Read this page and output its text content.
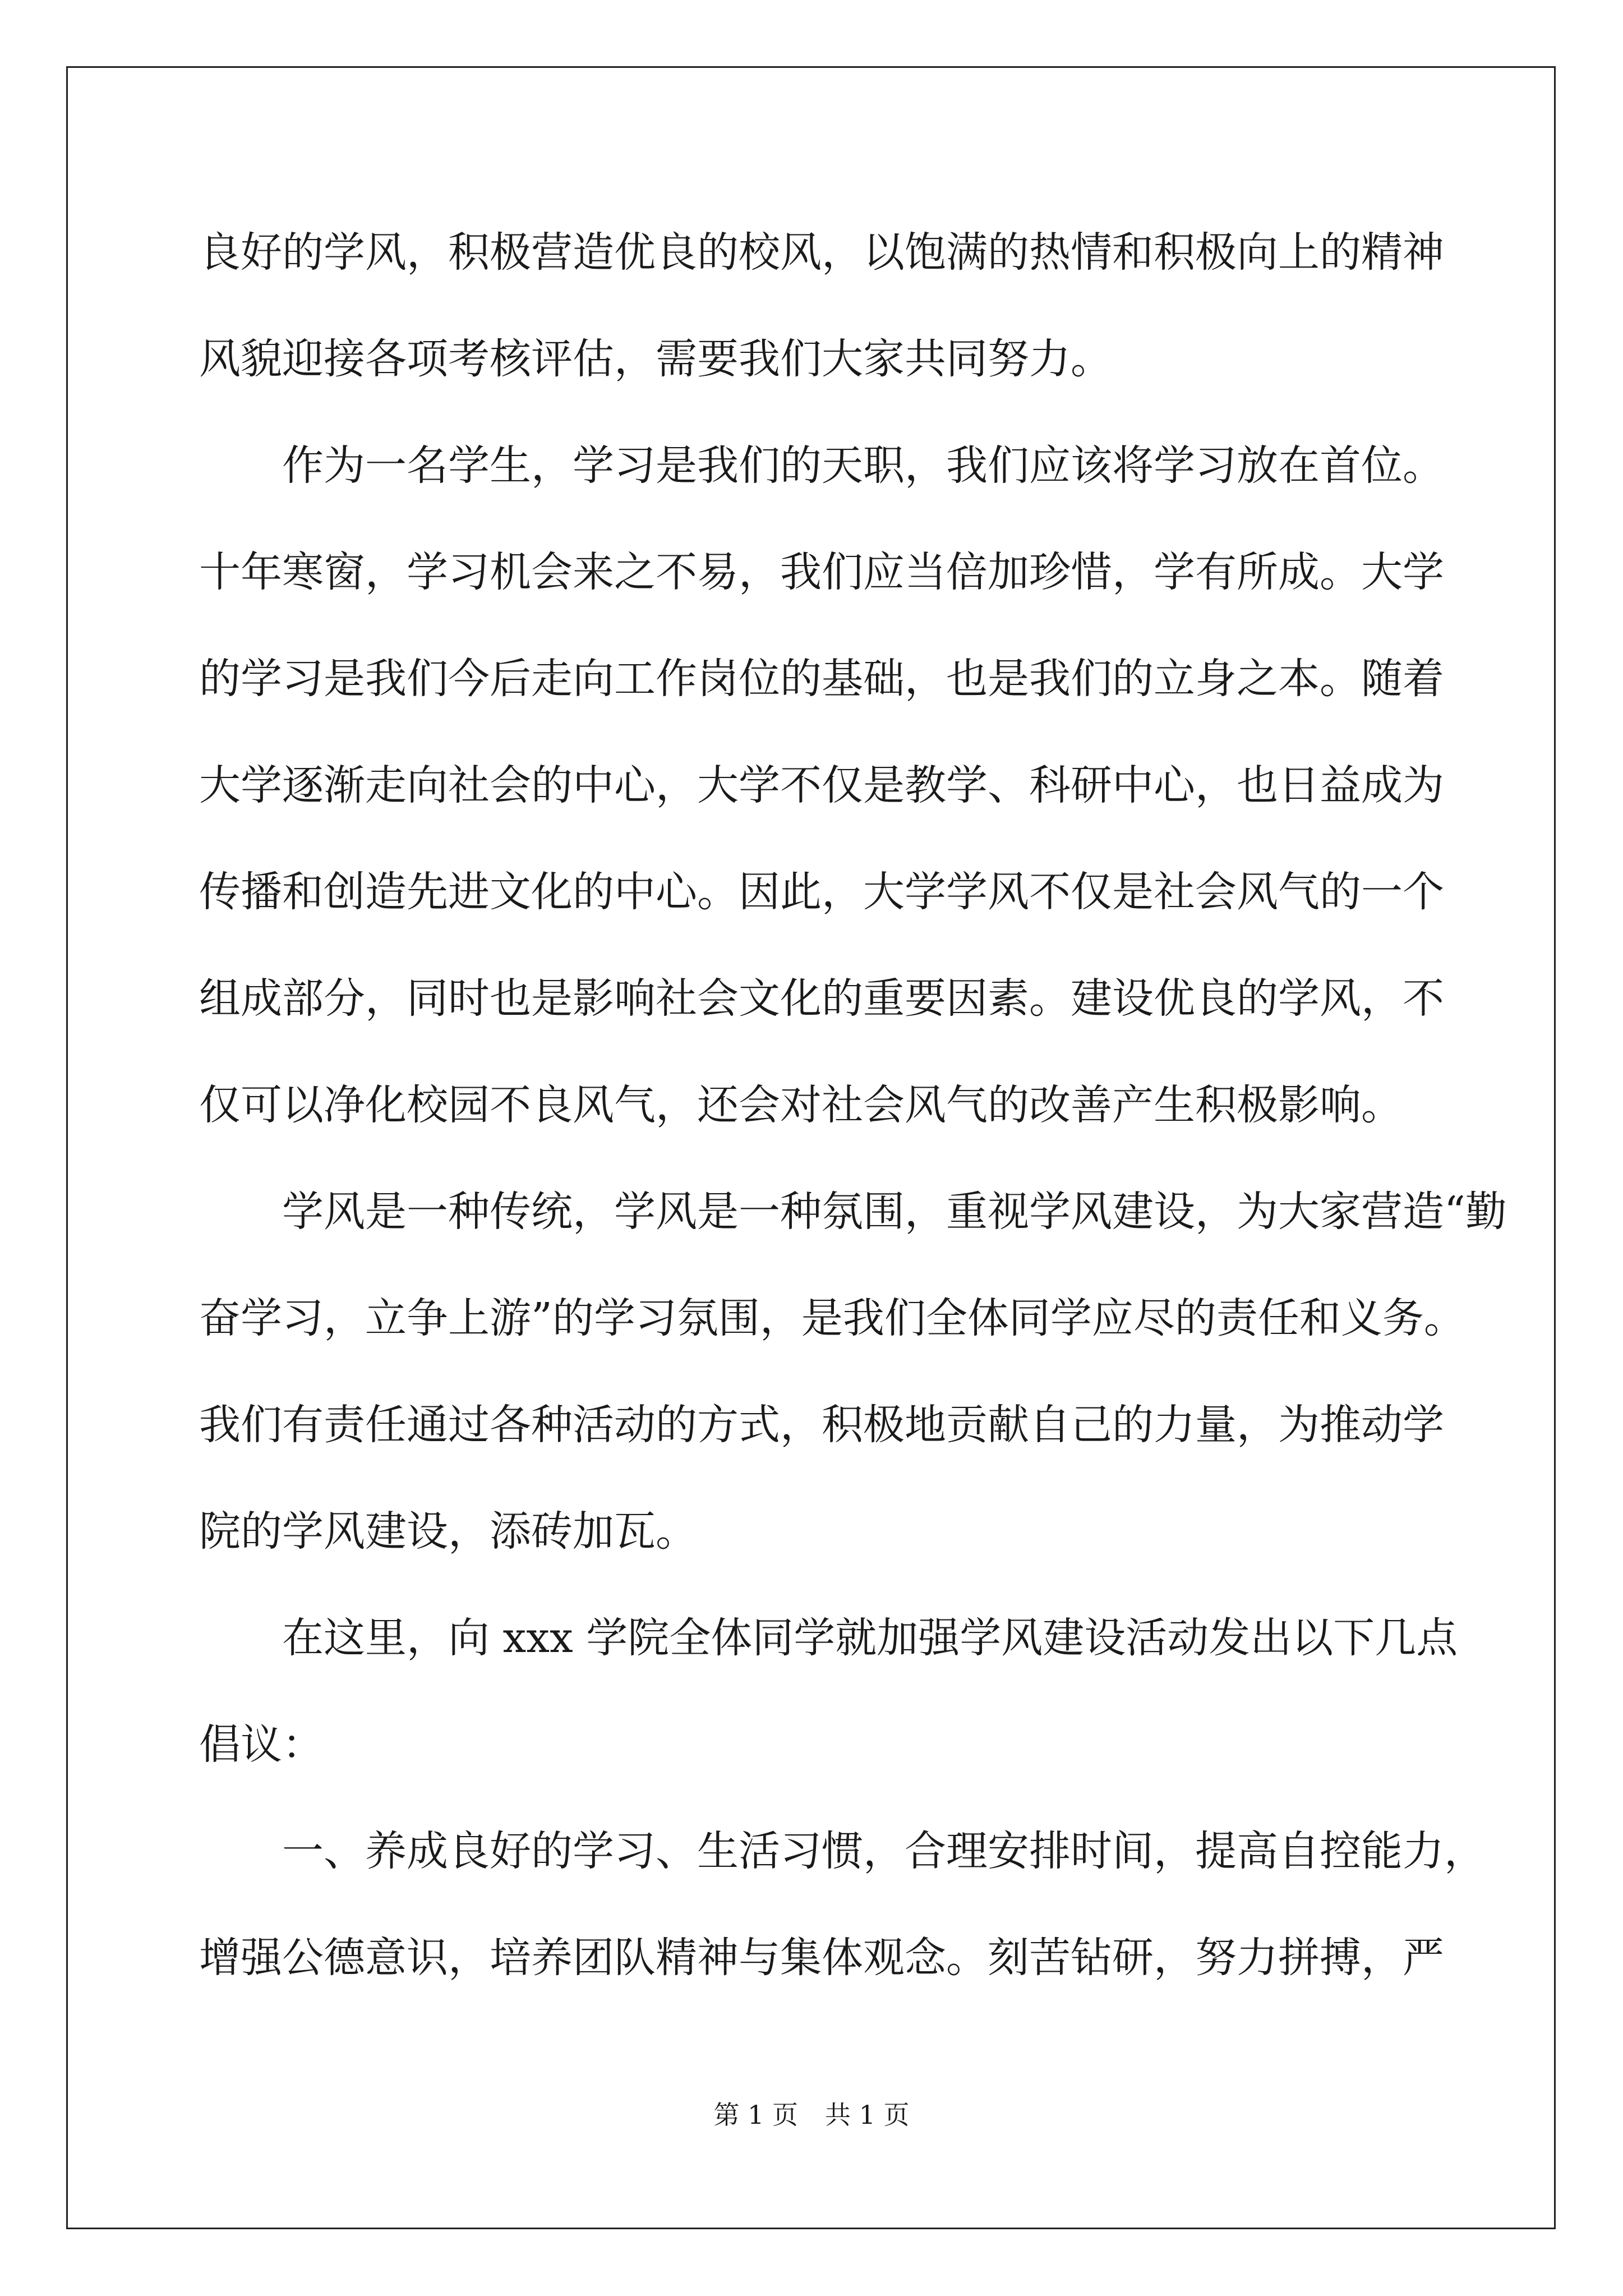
良好的学风，积极营造优良的校风，以饱满的热情和积极向上的精神
风貌迎接各项考核评估，需要我们大家共同努力。
作为一名学生，学习是我们的天职，我们应该将学习放在首位。
十年寒窗，学习机会来之不易，我们应当倍加珍惜，学有所成。大学
的学习是我们今后走向工作岗位的基础，也是我们的立身之本。随着
大学逐渐走向社会的中心，大学不仅是教学、科研中心，也日益成为
传播和创造先进文化的中心。因此，大学学风不仅是社会风气的一个
组成部分，同时也是影响社会文化的重要因素。建设优良的学风，不
仅可以净化校园不良风气，还会对社会风气的改善产生积极影响。
学风是一种传统，学风是一种氛围，重视学风建设，为大家营造“勤
奋学习，立争上游”的学习氛围，是我们全体同学应尽的责任和义务。
我们有责任通过各种活动的方式，积极地贡献自己的力量，为推动学
院的学风建设，添砖加瓦。
在这里，向 xxx 学院全体同学就加强学风建设活动发出以下几点
倡议：
一、养成良好的学习、生活习惯，合理安排时间，提高自控能力，
增强公德意识，培养团队精神与集体观念。刻苦钻研，努力拼搏，严
第 1 页 共 1 页
